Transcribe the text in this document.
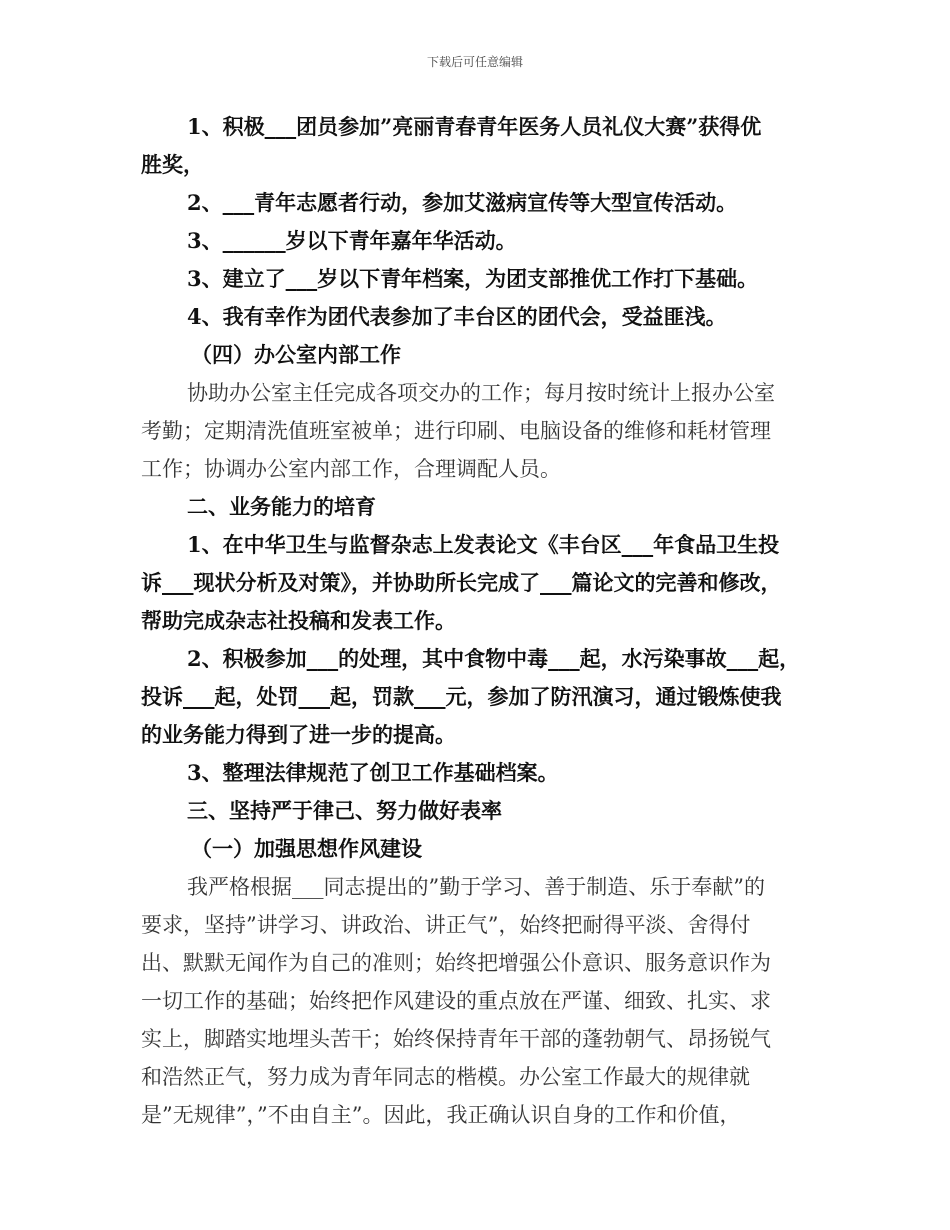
下载后可任意编辑

1、积极___团员参加”亮丽青春青年医务人员礼仪大赛”获得优

胜奖，

2、___青年志愿者行动，参加艾滋病宣传等大型宣传活动。

3、______岁以下青年嘉年华活动。

3、建立了___岁以下青年档案，为团支部推优工作打下基础。

4、我有幸作为团代表参加了丰台区的团代会，受益匪浅。

（四）办公室内部工作

协助办公室主任完成各项交办的工作；每月按时统计上报办公室

考勤；定期清洗值班室被单；进行印刷、电脑设备的维修和耗材管理

工作；协调办公室内部工作，合理调配人员。

二、业务能力的培育

1、在中华卫生与监督杂志上发表论文《丰台区___年食品卫生投

诉___现状分析及对策》，并协助所长完成了___篇论文的完善和修改，

帮助完成杂志社投稿和发表工作。

2、积极参加___的处理，其中食物中毒___起，水污染事故___起，

投诉___起，处罚___起，罚款___元，参加了防汛演习，通过锻炼使我

的业务能力得到了进一步的提高。

3、整理法律规范了创卫工作基础档案。

三、坚持严于律己、努力做好表率

（一）加强思想作风建设

我严格根据___同志提出的”勤于学习、善于制造、乐于奉献”的

要求，坚持”讲学习、讲政治、讲正气”，始终把耐得平淡、舍得付

出、默默无闻作为自己的准则；始终把增强公仆意识、服务意识作为

一切工作的基础；始终把作风建设的重点放在严谨、细致、扎实、求

实上，脚踏实地埋头苦干；始终保持青年干部的蓬勃朝气、昂扬锐气

和浩然正气，努力成为青年同志的楷模。办公室工作最大的规律就

是”无规律”，”不由自主”。因此，我正确认识自身的工作和价值，
